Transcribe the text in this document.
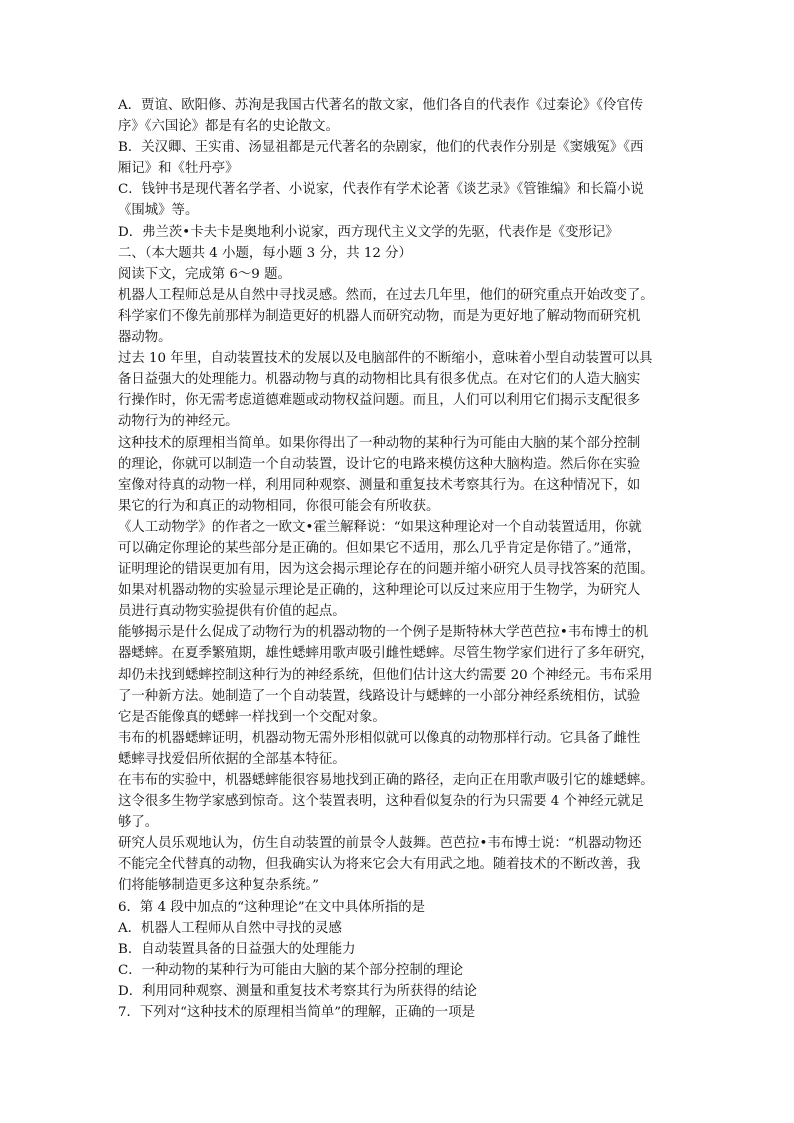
A．贾谊、欧阳修、苏洵是我国古代著名的散文家，他们各自的代表作《过秦论》《伶官传

序》《六国论》都是有名的史论散文。

B．关汉卿、王实甫、汤显祖都是元代著名的杂剧家，他们的代表作分别是《窦娥冤》《西

厢记》和《牡丹亭》

C．钱钟书是现代著名学者、小说家，代表作有学术论著《谈艺录》《管锥编》和长篇小说

《围城》等。

D．弗兰茨•卡夫卡是奥地利小说家，西方现代主义文学的先驱，代表作是《变形记》

二、（本大题共 4 小题，每小题 3 分，共 12 分）

阅读下文，完成第 6～9 题。

机器人工程师总是从自然中寻找灵感。然而，在过去几年里，他们的研究重点开始改变了。

科学家们不像先前那样为制造更好的机器人而研究动物，而是为更好地了解动物而研究机

器动物。

过去 10 年里，自动装置技术的发展以及电脑部件的不断缩小，意味着小型自动装置可以具

备日益强大的处理能力。机器动物与真的动物相比具有很多优点。在对它们的人造大脑实

行操作时，你无需考虑道德难题或动物权益问题。而且，人们可以利用它们揭示支配很多

动物行为的神经元。

这种技术的原理相当简单。如果你得出了一种动物的某种行为可能由大脑的某个部分控制

的理论，你就可以制造一个自动装置，设计它的电路来模仿这种大脑构造。然后你在实验

室像对待真的动物一样，利用同种观察、测量和重复技术考察其行为。在这种情况下，如

果它的行为和真正的动物相同，你很可能会有所收获。

《人工动物学》的作者之一欧文•霍兰解释说：“如果这种理论对一个自动装置适用，你就

可以确定你理论的某些部分是正确的。但如果它不适用，那么几乎肯定是你错了。”通常，

证明理论的错误更加有用，因为这会揭示理论存在的问题并缩小研究人员寻找答案的范围。

如果对机器动物的实验显示理论是正确的，这种理论可以反过来应用于生物学，为研究人

员进行真动物实验提供有价值的起点。

能够揭示是什么促成了动物行为的机器动物的一个例子是斯特林大学芭芭拉•韦布博士的机

器蟋蟀。在夏季繁殖期，雄性蟋蟀用歌声吸引雌性蟋蟀。尽管生物学家们进行了多年研究，

却仍未找到蟋蟀控制这种行为的神经系统，但他们估计这大约需要 20 个神经元。韦布采用

了一种新方法。她制造了一个自动装置，线路设计与蟋蟀的一小部分神经系统相仿，试验

它是否能像真的蟋蟀一样找到一个交配对象。

韦布的机器蟋蟀证明，机器动物无需外形相似就可以像真的动物那样行动。它具备了雌性

蟋蟀寻找爱侣所依据的全部基本特征。

在韦布的实验中，机器蟋蟀能很容易地找到正确的路径，走向正在用歌声吸引它的雄蟋蟀。

这令很多生物学家感到惊奇。这个装置表明，这种看似复杂的行为只需要 4 个神经元就足

够了。

研究人员乐观地认为，仿生自动装置的前景令人鼓舞。芭芭拉•韦布博士说：“机器动物还

不能完全代替真的动物，但我确实认为将来它会大有用武之地。随着技术的不断改善，我

们将能够制造更多这种复杂系统。”

6．第 4 段中加点的“这种理论”在文中具体所指的是

A．机器人工程师从自然中寻找的灵感

B．自动装置具备的日益强大的处理能力

C．一种动物的某种行为可能由大脑的某个部分控制的理论

D．利用同种观察、测量和重复技术考察其行为所获得的结论

7．下列对“这种技术的原理相当简单”的理解，正确的一项是
